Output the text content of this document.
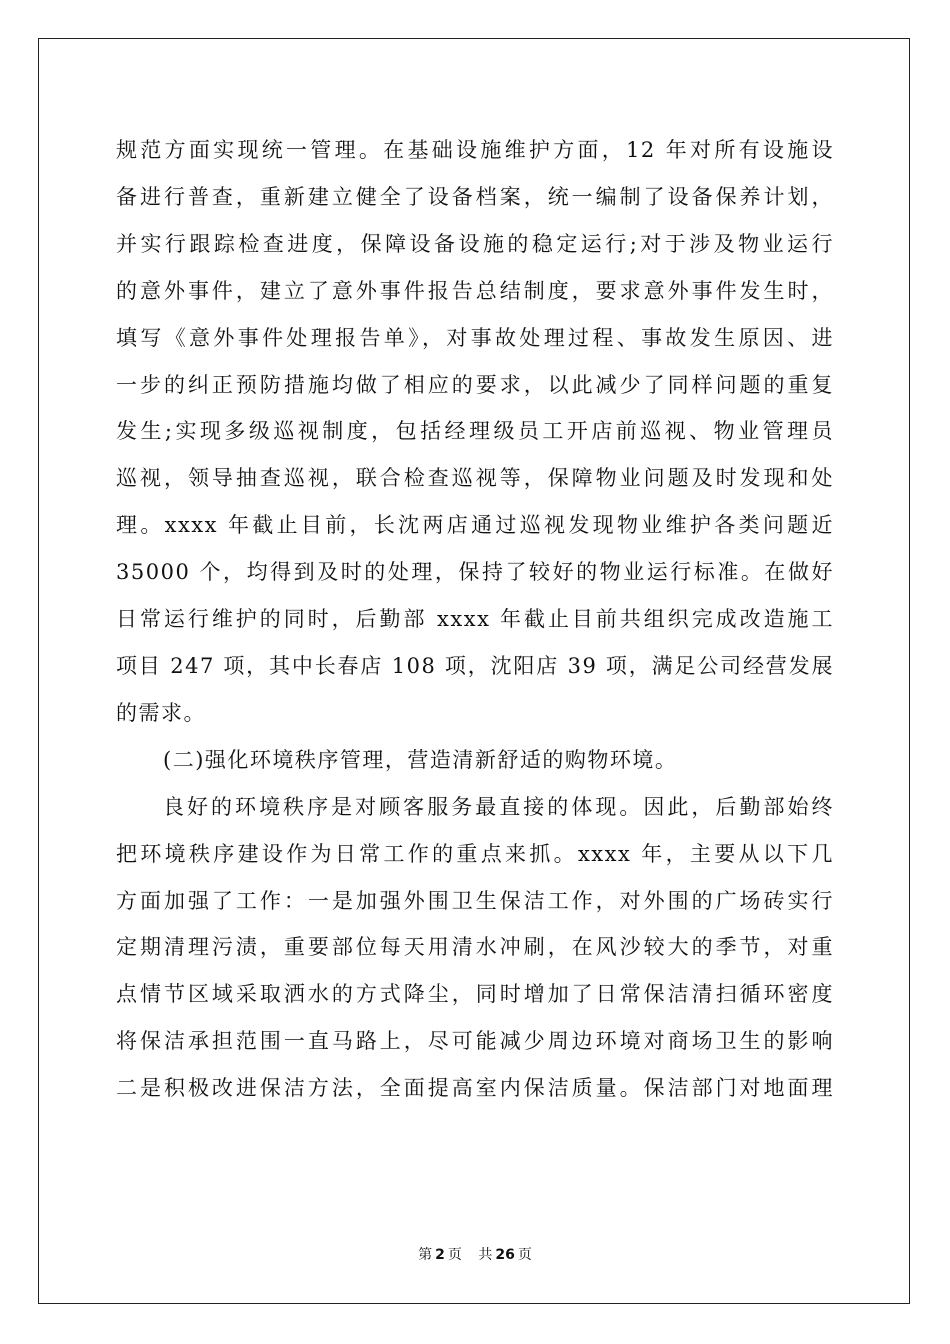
规范方面实现统一管理。在基础设施维护方面，12 年对所有设施设
备进行普查，重新建立健全了设备档案，统一编制了设备保养计划，
并实行跟踪检查进度，保障设备设施的稳定运行;对于涉及物业运行
的意外事件，建立了意外事件报告总结制度，要求意外事件发生时，
填写《意外事件处理报告单》，对事故处理过程、事故发生原因、进
一步的纠正预防措施均做了相应的要求，以此减少了同样问题的重复
发生;实现多级巡视制度，包括经理级员工开店前巡视、物业管理员
巡视，领导抽查巡视，联合检查巡视等，保障物业问题及时发现和处
理。xxxx 年截止目前，长沈两店通过巡视发现物业维护各类问题近
35000 个，均得到及时的处理，保持了较好的物业运行标准。在做好
日常运行维护的同时，后勤部 xxxx 年截止目前共组织完成改造施工
项目 247 项，其中长春店 108 项，沈阳店 39 项，满足公司经营发展
的需求。

(二)强化环境秩序管理，营造清新舒适的购物环境。

良好的环境秩序是对顾客服务最直接的体现。因此，后勤部始终
把环境秩序建设作为日常工作的重点来抓。xxxx 年，主要从以下几
方面加强了工作：一是加强外围卫生保洁工作，对外围的广场砖实行
定期清理污渍，重要部位每天用清水冲刷，在风沙较大的季节，对重
点情节区域采取洒水的方式降尘，同时增加了日常保洁清扫循环密度
将保洁承担范围一直马路上，尽可能减少周边环境对商场卫生的影响
二是积极改进保洁方法，全面提高室内保洁质量。保洁部门对地面理

第 2 页 共 26 页
